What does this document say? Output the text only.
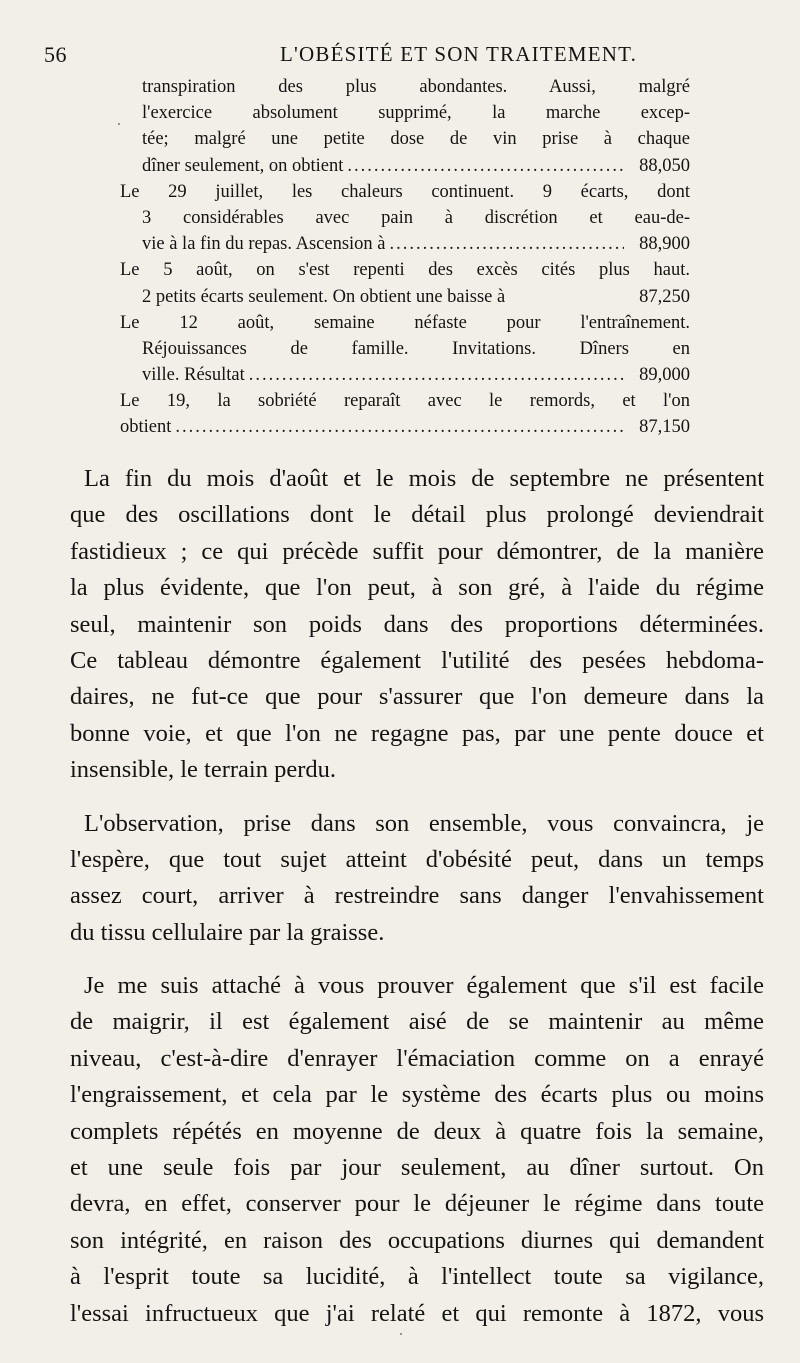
56	L'OBÉSITÉ ET SON TRAITEMENT.
transpiration des plus abondantes. Aussi, malgré
l'exercice absolument supprimé, la marche excep-
tée; malgré une petite dose de vin prise à chaque
dîner seulement, on obtient .....	88,050
Le 29 juillet, les chaleurs continuent. 9 écarts, dont
3 considérables avec pain à discrétion et eau-de-
vie à la fin du repas. Ascension à .....	88,900
Le 5 août, on s'est repenti des excès cités plus haut.
2 petits écarts seulement. On obtient une baisse à	87,250
Le 12 août, semaine néfaste pour l'entraînement.
Réjouissances de famille. Invitations. Dîners en
ville. Résultat .....	89,000
Le 19, la sobriété reparaît avec le remords, et l'on
obtient .....	87,150
La fin du mois d'août et le mois de septembre ne présentent
que des oscillations dont le détail plus prolongé deviendrait
fastidieux ; ce qui précède suffit pour démontrer, de la manière
la plus évidente, que l'on peut, à son gré, à l'aide du régime
seul, maintenir son poids dans des proportions déterminées.
Ce tableau démontre également l'utilité des pesées hebdoma-
daires, ne fut-ce que pour s'assurer que l'on demeure dans la
bonne voie, et que l'on ne regagne pas, par une pente douce et
insensible, le terrain perdu.
L'observation, prise dans son ensemble, vous convaincra, je
l'espère, que tout sujet atteint d'obésité peut, dans un temps
assez court, arriver à restreindre sans danger l'envahissement
du tissu cellulaire par la graisse.
Je me suis attaché à vous prouver également que s'il est facile
de maigrir, il est également aisé de se maintenir au même
niveau, c'est-à-dire d'enrayer l'émaciation comme on a enrayé
l'engraissement, et cela par le système des écarts plus ou moins
complets répétés en moyenne de deux à quatre fois la semaine,
et une seule fois par jour seulement, au dîner surtout. On
devra, en effet, conserver pour le déjeuner le régime dans toute
son intégrité, en raison des occupations diurnes qui demandent
à l'esprit toute sa lucidité, à l'intellect toute sa vigilance,
l'essai infructueux que j'ai relaté et qui remonte à 1872, vous
